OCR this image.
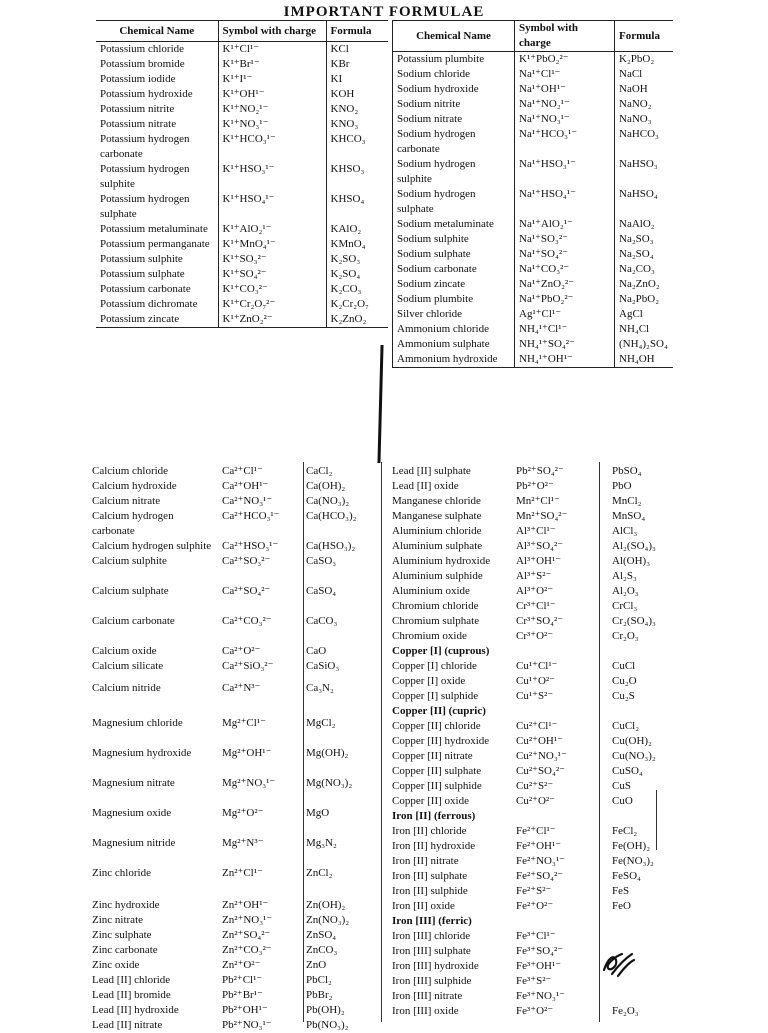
IMPORTANT FORMULAE
Chemical Name	Symbol with charge	Formula
Potassium chloride	K¹⁺Cl¹⁻	KCl
Potassium bromide	K¹⁺Br¹⁻	KBr
Potassium iodide	K¹⁺I¹⁻	KI
Potassium hydroxide	K¹⁺OH¹⁻	KOH
Potassium nitrite	K¹⁺NO₂¹⁻	KNO₂
Potassium nitrate	K¹⁺NO₃¹⁻	KNO₃
Potassium hydrogen carbonate	K¹⁺HCO₃¹⁻	KHCO₃
Potassium hydrogen sulphite	K¹⁺HSO₃¹⁻	KHSO₃
Potassium hydrogen sulphate	K¹⁺HSO₄¹⁻	KHSO₄
Potassium metaluminate	K¹⁺AlO₂¹⁻	KAlO₂
Potassium permanganate	K¹⁺MnO₄¹⁻	KMnO₄
Potassium sulphite	K¹⁺SO₃²⁻	K₂SO₃
Potassium sulphate	K¹⁺SO₄²⁻	K₂SO₄
Potassium carbonate	K¹⁺CO₃²⁻	K₂CO₃
Potassium dichromate	K¹⁺Cr₂O₇²⁻	K₂Cr₂O₇
Potassium zincate	K¹⁺ZnO₂²⁻	K₂ZnO₂
Chemical Name	Symbol with charge	Formula
Potassium plumbite	K¹⁺PbO₂²⁻	K₂PbO₂
Sodium chloride	Na¹⁺Cl¹⁻	NaCl
Sodium hydroxide	Na¹⁺OH¹⁻	NaOH
Sodium nitrite	Na¹⁺NO₂¹⁻	NaNO₂
Sodium nitrate	Na¹⁺NO₃¹⁻	NaNO₃
Sodium hydrogen carbonate	Na¹⁺HCO₃¹⁻	NaHCO₃
Sodium hydrogen sulphite	Na¹⁺HSO₃¹⁻	NaHSO₃
Sodium hydrogen sulphate	Na¹⁺HSO₄¹⁻	NaHSO₄
Sodium metaluminate	Na¹⁺AlO₂¹⁻	NaAlO₂
Sodium sulphite	Na¹⁺SO₃²⁻	Na₂SO₃
Sodium sulphate	Na¹⁺SO₄²⁻	Na₂SO₄
Sodium carbonate	Na¹⁺CO₃²⁻	Na₂CO₃
Sodium zincate	Na¹⁺ZnO₂²⁻	Na₂ZnO₂
Sodium plumbite	Na¹⁺PbO₂²⁻	Na₂PbO₂
Silver chloride	Ag¹⁺Cl¹⁻	AgCl
Ammonium chloride	NH₄¹⁺Cl¹⁻	NH₄Cl
Ammonium sulphate	NH₄¹⁺SO₄²⁻	(NH₄)₂SO₄
Ammonium hydroxide	NH₄¹⁺OH¹⁻	NH₄OH
Calcium chloride	Ca²⁺Cl¹⁻	CaCl₂
Calcium hydroxide	Ca²⁺OH¹⁻	Ca(OH)₂
Calcium nitrate	Ca²⁺NO₃¹⁻	Ca(NO₃)₂
Calcium hydrogen carbonate	Ca²⁺HCO₃¹⁻	Ca(HCO₃)₂
Calcium hydrogen sulphite	Ca²⁺HSO₃¹⁻	Ca(HSO₃)₂
Calcium sulphite	Ca²⁺SO₃²⁻	CaSO₃
Calcium sulphate	Ca²⁺SO₄²⁻	CaSO₄
Calcium carbonate	Ca²⁺CO₃²⁻	CaCO₃
Calcium oxide	Ca²⁺O²⁻	CaO
Calcium silicate	Ca²⁺SiO₃²⁻	CaSiO₃
Calcium nitride	Ca²⁺N³⁻	Ca₃N₂
Magnesium chloride	Mg²⁺Cl¹⁻	MgCl₂
Magnesium hydroxide	Mg²⁺OH¹⁻	Mg(OH)₂
Magnesium nitrate	Mg²⁺NO₃¹⁻	Mg(NO₃)₂
Magnesium oxide	Mg²⁺O²⁻	MgO
Magnesium nitride	Mg²⁺N³⁻	Mg₃N₂
Zinc chloride	Zn²⁺Cl¹⁻	ZnCl₂
Zinc hydroxide	Zn²⁺OH¹⁻	Zn(OH)₂
Zinc nitrate	Zn²⁺NO₃¹⁻	Zn(NO₃)₂
Zinc sulphate	Zn²⁺SO₄²⁻	ZnSO₄
Zinc carbonate	Zn²⁺CO₃²⁻	ZnCO₃
Zinc oxide	Zn²⁺O²⁻	ZnO
Lead [II] chloride	Pb²⁺Cl¹⁻	PbCl₂
Lead [II] bromide	Pb²⁺Br¹⁻	PbBr₂
Lead [II] hydroxide	Pb²⁺OH¹⁻	Pb(OH)₂
Lead [II] nitrate	Pb²⁺NO₃¹⁻	Pb(NO₃)₂
Lead [II] sulphate	Pb²⁺SO₄²⁻	PbSO₄
Lead [II] oxide	Pb²⁺O²⁻	PbO
Manganese chloride	Mn²⁺Cl¹⁻	MnCl₂
Manganese sulphate	Mn²⁺SO₄²⁻	MnSO₄
Aluminium chloride	Al³⁺Cl¹⁻	AlCl₃
Aluminium sulphate	Al³⁺SO₄²⁻	Al₂(SO₄)₃
Aluminium hydroxide	Al³⁺OH¹⁻	Al(OH)₃
Aluminium sulphide	Al³⁺S²⁻	Al₂S₃
Aluminium oxide	Al³⁺O²⁻	Al₂O₃
Chromium chloride	Cr³⁺Cl¹⁻	CrCl₃
Chromium sulphate	Cr³⁺SO₄²⁻	Cr₂(SO₄)₃
Chromium oxide	Cr³⁺O²⁻	Cr₂O₃
Copper [I] (cuprous)		
Copper [I] chloride	Cu¹⁺Cl¹⁻	CuCl
Copper [I] oxide	Cu¹⁺O²⁻	Cu₂O
Copper [I] sulphide	Cu¹⁺S²⁻	Cu₂S
Copper [II] (cupric)		
Copper [II] chloride	Cu²⁺Cl¹⁻	CuCl₂
Copper [II] hydroxide	Cu²⁺OH¹⁻	Cu(OH)₂
Copper [II] nitrate	Cu²⁺NO₃¹⁻	Cu(NO₃)₂
Copper [II] sulphate	Cu²⁺SO₄²⁻	CuSO₄
Copper [II] sulphide	Cu²⁺S²⁻	CuS
Copper [II] oxide	Cu²⁺O²⁻	CuO
Iron [II] (ferrous)		
Iron [II] chloride	Fe²⁺Cl¹⁻	FeCl₂
Iron [II] hydroxide	Fe²⁺OH¹⁻	Fe(OH)₂
Iron [II] nitrate	Fe²⁺NO₃¹⁻	Fe(NO₃)₂
Iron [II] sulphate	Fe²⁺SO₄²⁻	FeSO₄
Iron [II] sulphide	Fe²⁺S²⁻	FeS
Iron [II] oxide	Fe²⁺O²⁻	FeO
Iron [III] (ferric)		
Iron [III] chloride	Fe³⁺Cl¹⁻	
Iron [III] sulphate	Fe³⁺SO₄²⁻	
Iron [III] hydroxide	Fe³⁺OH¹⁻	
Iron [III] sulphide	Fe³⁺S²⁻	
Iron [III] nitrate	Fe³⁺NO₃¹⁻	
Iron [III] oxide	Fe³⁺O²⁻	Fe₂O₃
